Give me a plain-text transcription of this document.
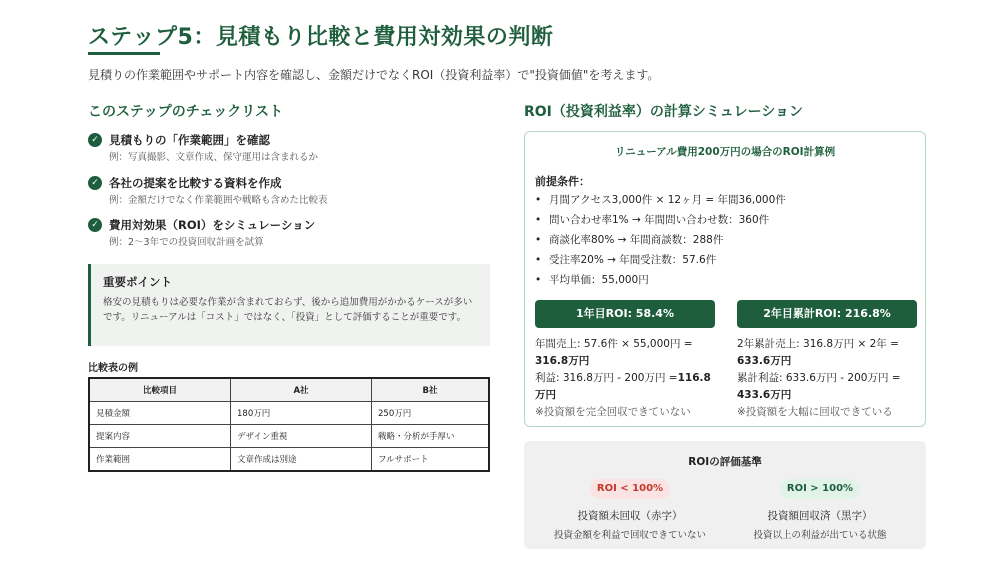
ステップ5：見積もり比較と費用対効果の判断
見積りの作業範囲やサポート内容を確認し、金額だけでなくROI（投資利益率）で"投資価値"を考えます。
このステップのチェックリスト
✓ 見積もりの「作業範囲」を確認
例：写真撮影、文章作成、保守運用は含まれるか
✓ 各社の提案を比較する資料を作成
例：金額だけでなく作業範囲や戦略も含めた比較表
✓ 費用対効果（ROI）をシミュレーション
例：2〜3年での投資回収計画を試算
重要ポイント
格安の見積もりは必要な作業が含まれておらず、後から追加費用がかかるケースが多いです。リニューアルは「コスト」ではなく、「投資」として評価することが重要です。
比較表の例
比較項目	A社	B社
見積金額	180万円	250万円
提案内容	デザイン重視	戦略・分析が手厚い
作業範囲	文章作成は別途	フルサポート
ROI（投資利益率）の計算シミュレーション
リニューアル費用200万円の場合のROI計算例
前提条件：
• 月間アクセス3,000件 × 12ヶ月 = 年間36,000件
• 問い合わせ率1% → 年間問い合わせ数：360件
• 商談化率80% → 年間商談数：288件
• 受注率20% → 年間受注数：57.6件
• 平均単価：55,000円
1年目ROI: 58.4%
年間売上: 57.6件 × 55,000円 =
316.8万円
利益: 316.8万円 - 200万円 =116.8万円
※投資額を完全回収できていない
2年目累計ROI: 216.8%
2年累計売上: 316.8万円 × 2年 =
633.6万円
累計利益: 633.6万円 - 200万円 =
433.6万円
※投資額を大幅に回収できている
ROIの評価基準
ROI < 100%
投資額未回収（赤字）
投資金額を利益で回収できていない
ROI > 100%
投資額回収済（黒字）
投資以上の利益が出ている状態
